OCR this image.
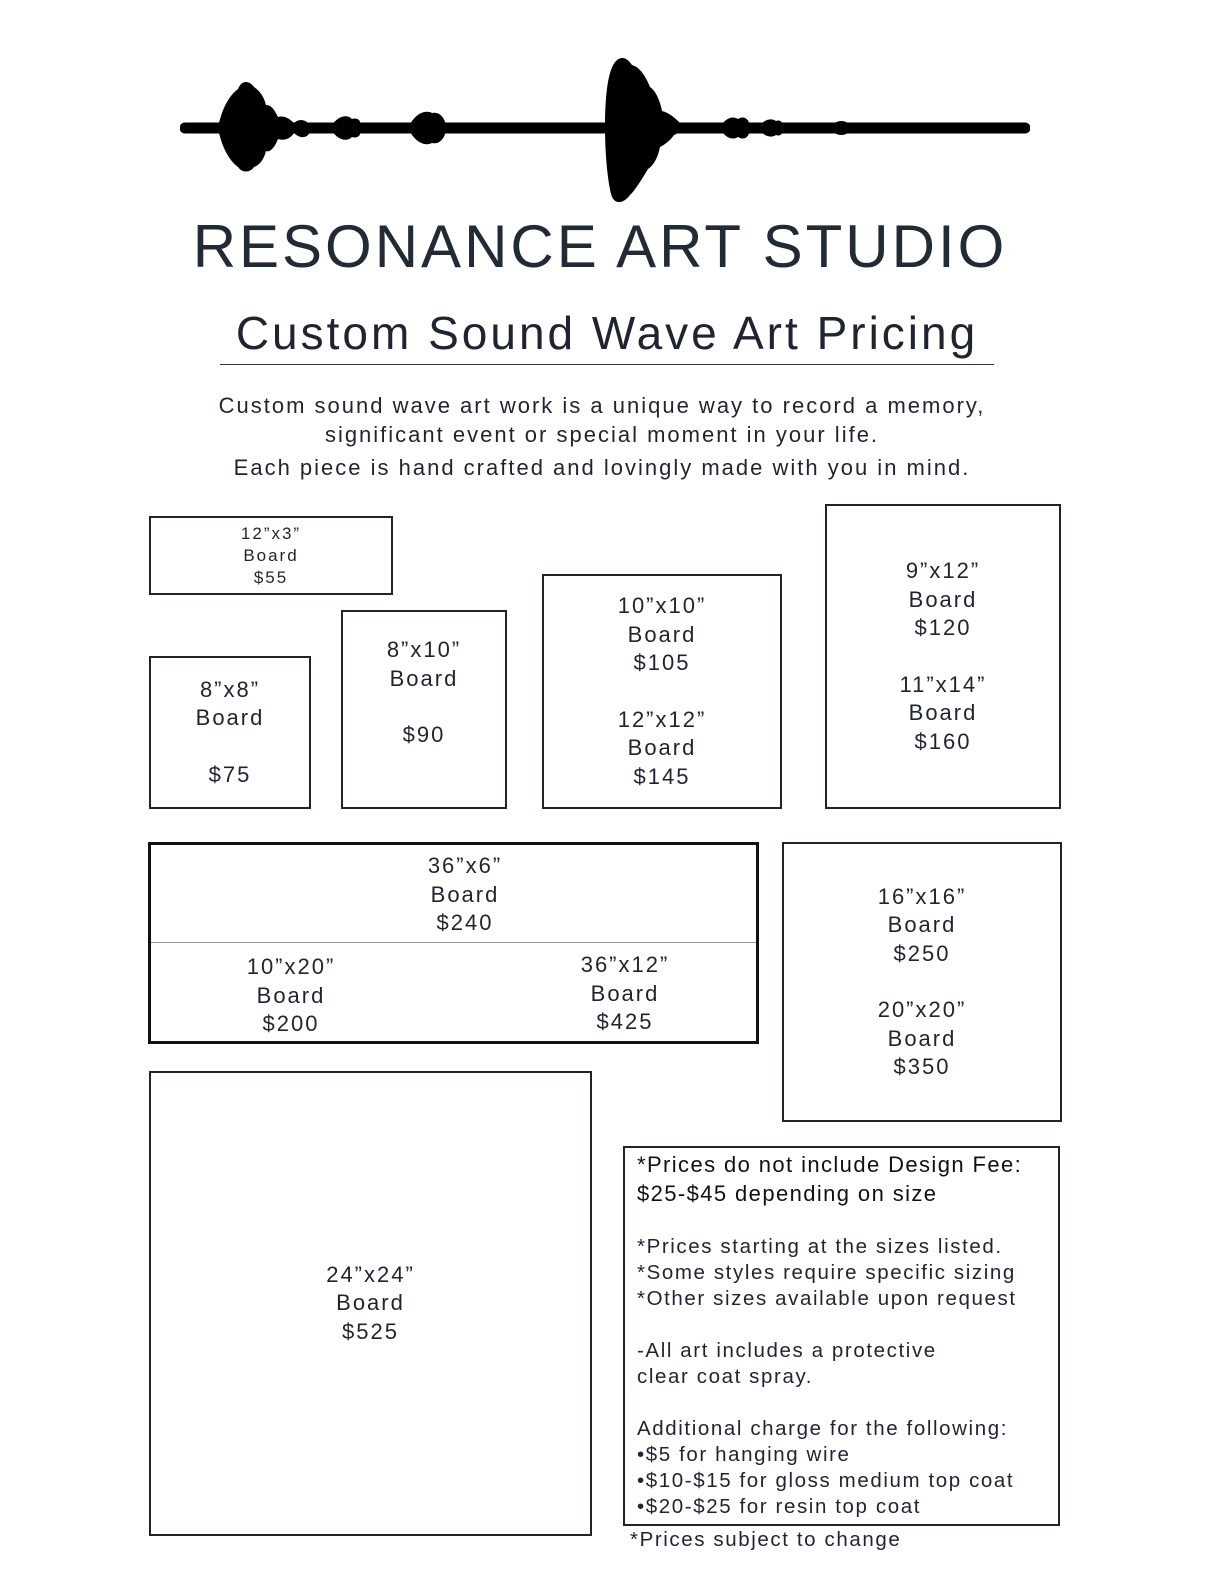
RESONANCE ART STUDIO
Custom Sound Wave Art Pricing
Custom sound wave art work is a unique way to record a memory,
significant event or special moment in your life.
Each piece is hand crafted and lovingly made with you in mind.
12”x3”
Board
$55
8”x8”
Board
$75
8”x10”
Board
$90
10”x10”
Board
$105
12”x12”
Board
$145
9”x12”
Board
$120
11”x14”
Board
$160
36”x6”
Board
$240
10”x20”
Board
$200
36”x12”
Board
$425
16”x16”
Board
$250
20”x20”
Board
$350
24”x24”
Board
$525
*Prices do not include Design Fee:
$25-$45 depending on size
*Prices starting at the sizes listed.
*Some styles require specific sizing
*Other sizes available upon request
-All art includes a protective
clear coat spray.
Additional charge for the following:
•$5 for hanging wire
•$10-$15 for gloss medium top coat
•$20-$25 for resin top coat
*Prices subject to change
